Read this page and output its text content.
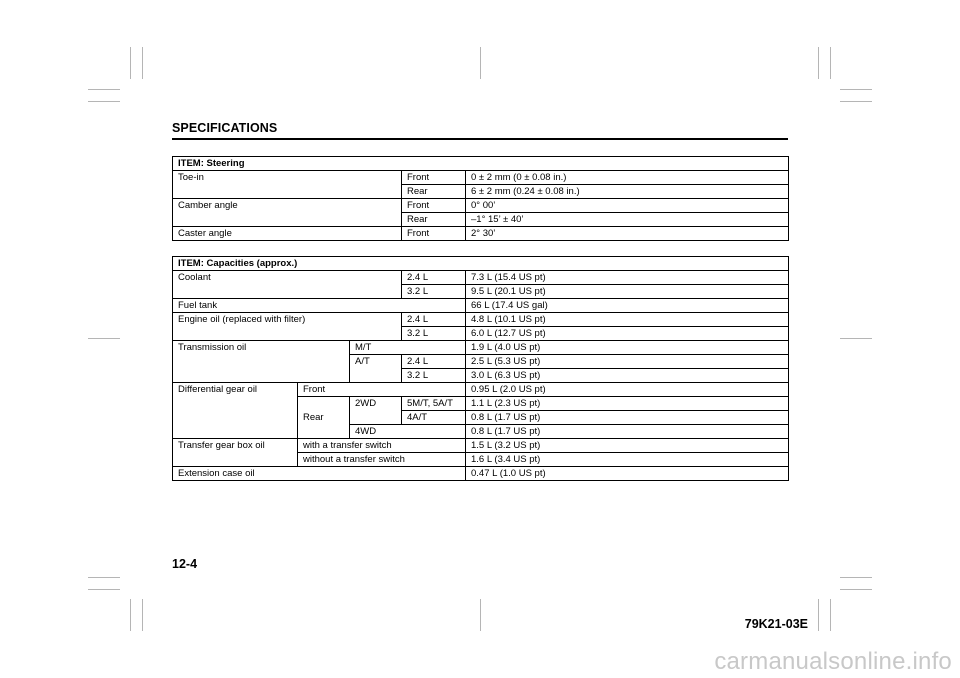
SPECIFICATIONS
ITEM: Steering		
Toe-in	Front	0 ± 2 mm (0 ± 0.08 in.)
	Rear	6 ± 2 mm (0.24 ± 0.08 in.)
Camber angle	Front	0° 00’
	Rear	–1° 15’ ± 40’
Caster angle	Front	2° 30’
ITEM: Capacities (approx.)				
Coolant			2.4 L	7.3 L (15.4 US pt)
			3.2 L	9.5 L (20.1 US pt)
Fuel tank				66 L (17.4 US gal)
Engine oil (replaced with filter)			2.4 L	4.8 L (10.1 US pt)
			3.2 L	6.0 L (12.7 US pt)
Transmission oil		M/T		1.9 L (4.0 US pt)
		A/T	2.4 L	2.5 L (5.3 US pt)
			3.2 L	3.0 L (6.3 US pt)
Differential gear oil	Front			0.95 L (2.0 US pt)
	Rear	2WD	5M/T, 5A/T	1.1 L (2.3 US pt)
			4A/T	0.8 L (1.7 US pt)
		4WD		0.8 L (1.7 US pt)
Transfer gear box oil	with a transfer switch			1.5 L (3.2 US pt)
	without a transfer switch			1.6 L (3.4 US pt)
Extension case oil				0.47 L (1.0 US pt)
12-4
79K21-03E
carmanualsonline.info
